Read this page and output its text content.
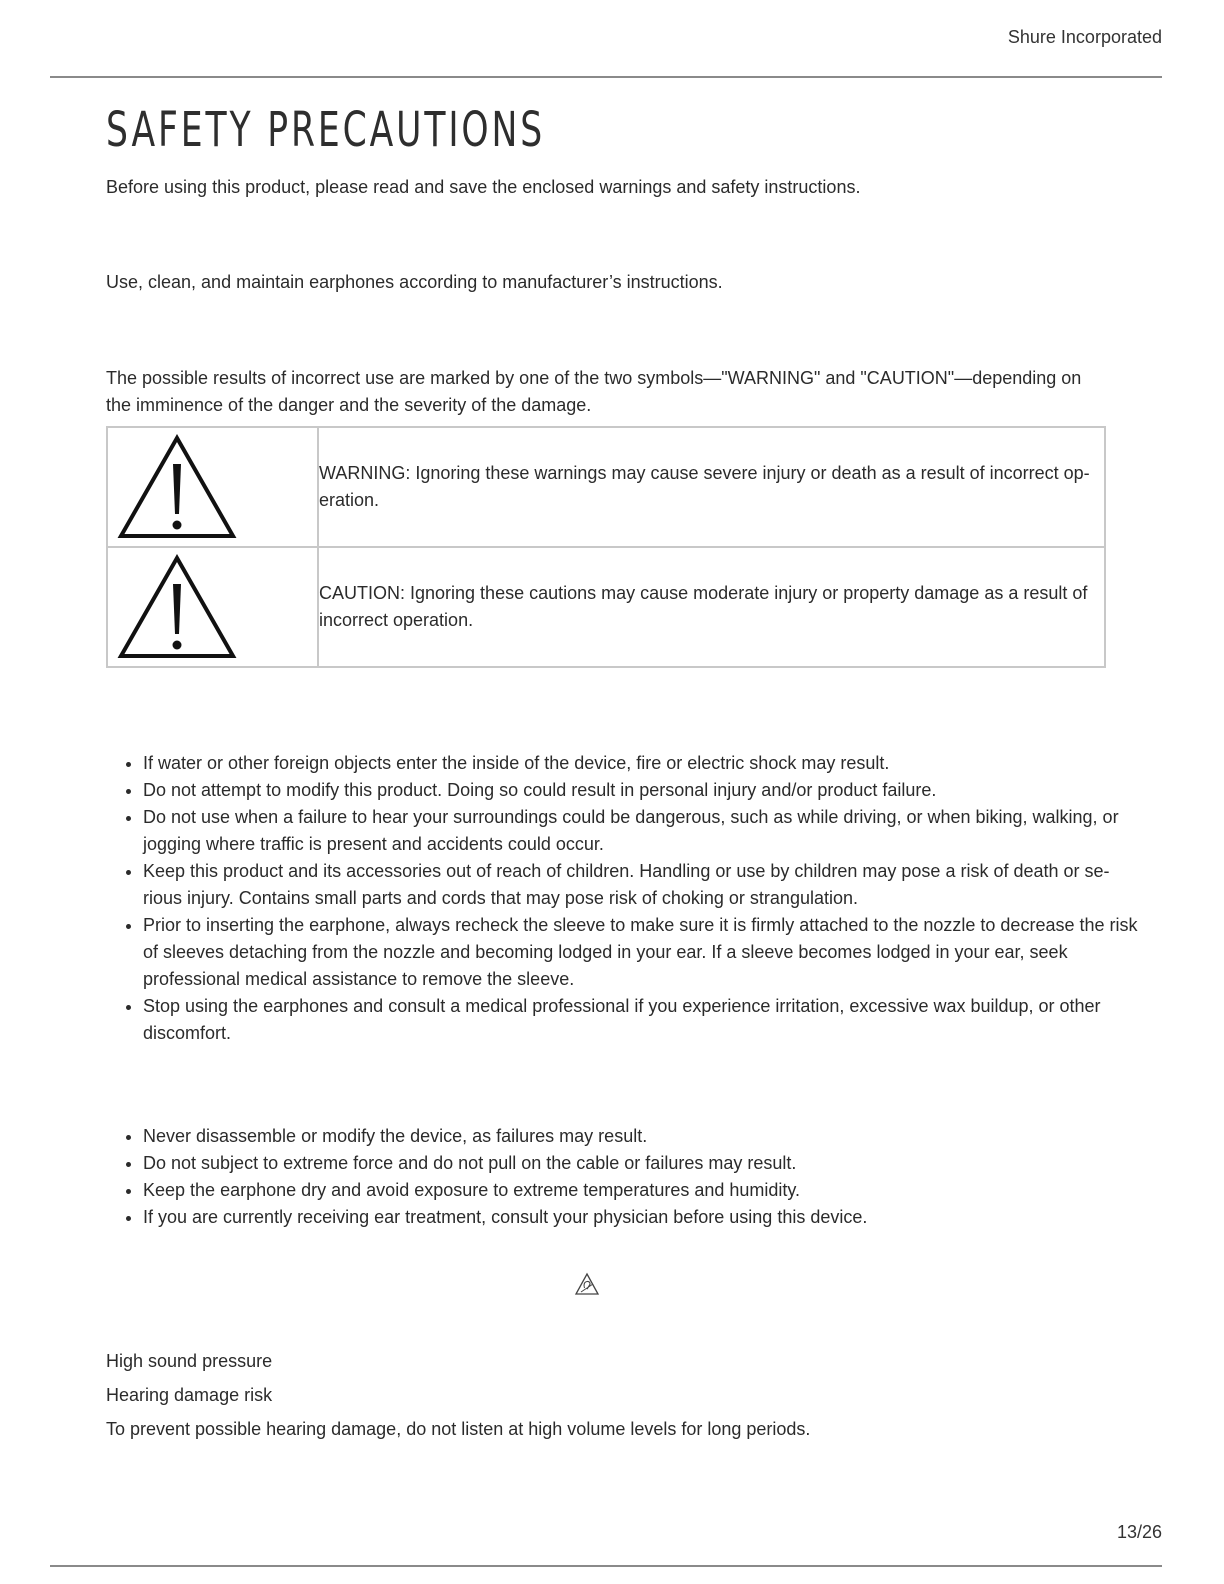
Shure Incorporated
SAFETY PRECAUTIONS

Before using this product, please read and save the enclosed warnings and safety instructions.

Use, clean, and maintain earphones according to manufacturer’s instructions.

The possible results of incorrect use are marked by one of the two symbols—"WARNING" and "CAUTION"—depending on the imminence of the danger and the severity of the damage.

	WARNING: Ignoring these warnings may cause severe injury or death as a result of incorrect op-eration.

	CAUTION: Ignoring these cautions may cause moderate injury or property damage as a result of incorrect operation.
• If water or other foreign objects enter the inside of the device, fire or electric shock may result.
• Do not attempt to modify this product. Doing so could result in personal injury and/or product failure.
• Do not use when a failure to hear your surroundings could be dangerous, such as while driving, or when biking, walking, or jogging where traffic is present and accidents could occur.
• Keep this product and its accessories out of reach of children. Handling or use by children may pose a risk of death or se-rious injury. Contains small parts and cords that may pose risk of choking or strangulation.
• Prior to inserting the earphone, always recheck the sleeve to make sure it is firmly attached to the nozzle to decrease the risk of sleeves detaching from the nozzle and becoming lodged in your ear. If a sleeve becomes lodged in your ear, seek professional medical assistance to remove the sleeve.
• Stop using the earphones and consult a medical professional if you experience irritation, excessive wax buildup, or other discomfort.
• Never disassemble or modify the device, as failures may result.
• Do not subject to extreme force and do not pull on the cable or failures may result.
• Keep the earphone dry and avoid exposure to extreme temperatures and humidity.
• If you are currently receiving ear treatment, consult your physician before using this device.

High sound pressure

Hearing damage risk

To prevent possible hearing damage, do not listen at high volume levels for long periods.

13/26
